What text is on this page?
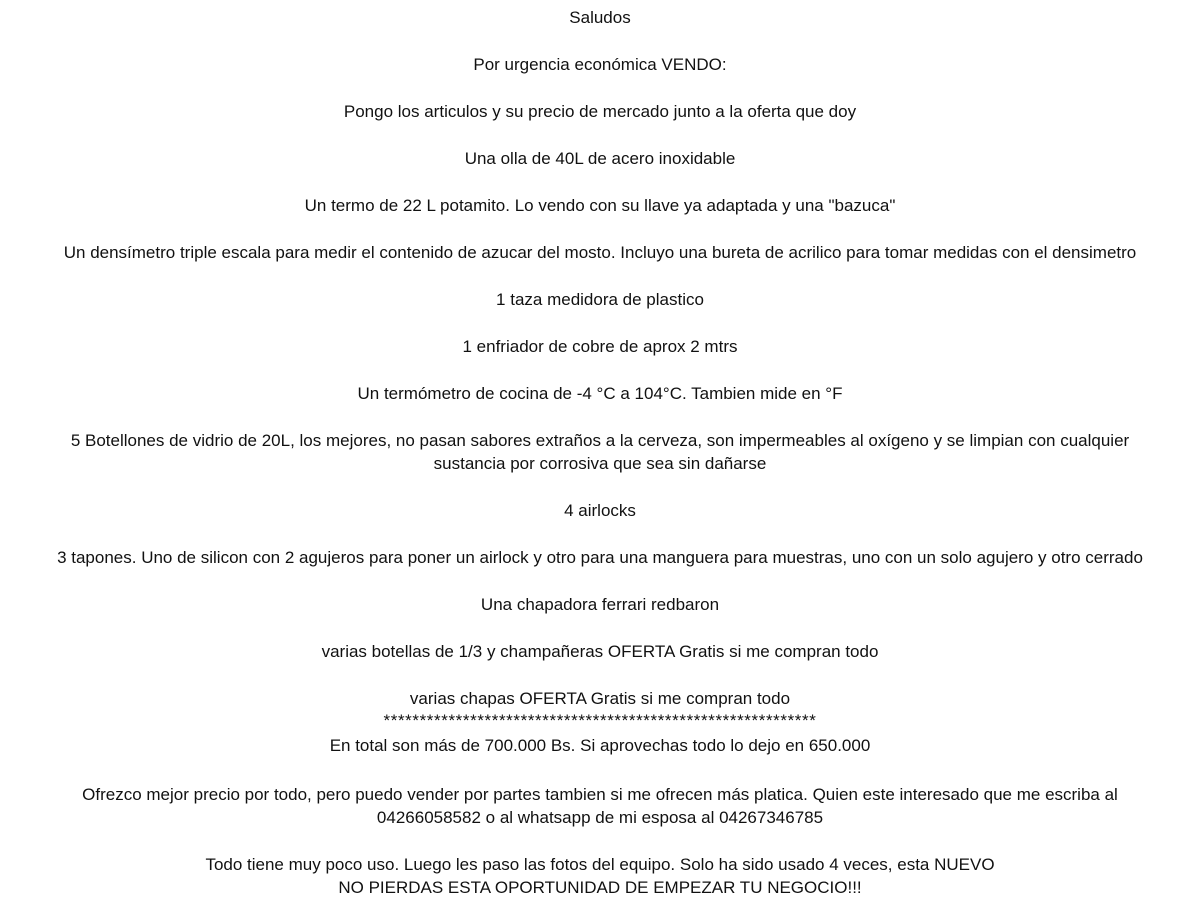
Saludos
Por urgencia económica VENDO:
Pongo los articulos y su precio de mercado junto a la oferta que doy
Una olla de 40L de acero inoxidable
Un termo de 22 L potamito. Lo vendo con su llave ya adaptada y una "bazuca"
Un densímetro triple escala para medir el contenido de azucar del mosto. Incluyo una bureta de acrilico para tomar medidas con el densimetro
1 taza medidora de plastico
1 enfriador de cobre de aprox 2 mtrs
Un termómetro de cocina de -4 °C a 104°C. Tambien mide en °F
5 Botellones de vidrio de 20L, los mejores, no pasan sabores extraños a la cerveza, son impermeables al oxígeno y se limpian con cualquier
sustancia por corrosiva que sea sin dañarse
4 airlocks
3 tapones. Uno de silicon con 2 agujeros para poner un airlock y otro para una manguera para muestras, uno con un solo agujero y otro cerrado
Una chapadora ferrari redbaron
varias botellas de 1/3 y champañeras OFERTA Gratis si me compran todo
varias chapas OFERTA Gratis si me compran todo
************************************************************
En total son más de 700.000 Bs. Si aprovechas todo lo dejo en 650.000
Ofrezco mejor precio por todo, pero puedo vender por partes tambien si me ofrecen más platica. Quien este interesado que me escriba al
04266058582 o al whatsapp de mi esposa al 04267346785
Todo tiene muy poco uso. Luego les paso las fotos del equipo. Solo ha sido usado 4 veces, esta NUEVO
NO PIERDAS ESTA OPORTUNIDAD DE EMPEZAR TU NEGOCIO!!!
